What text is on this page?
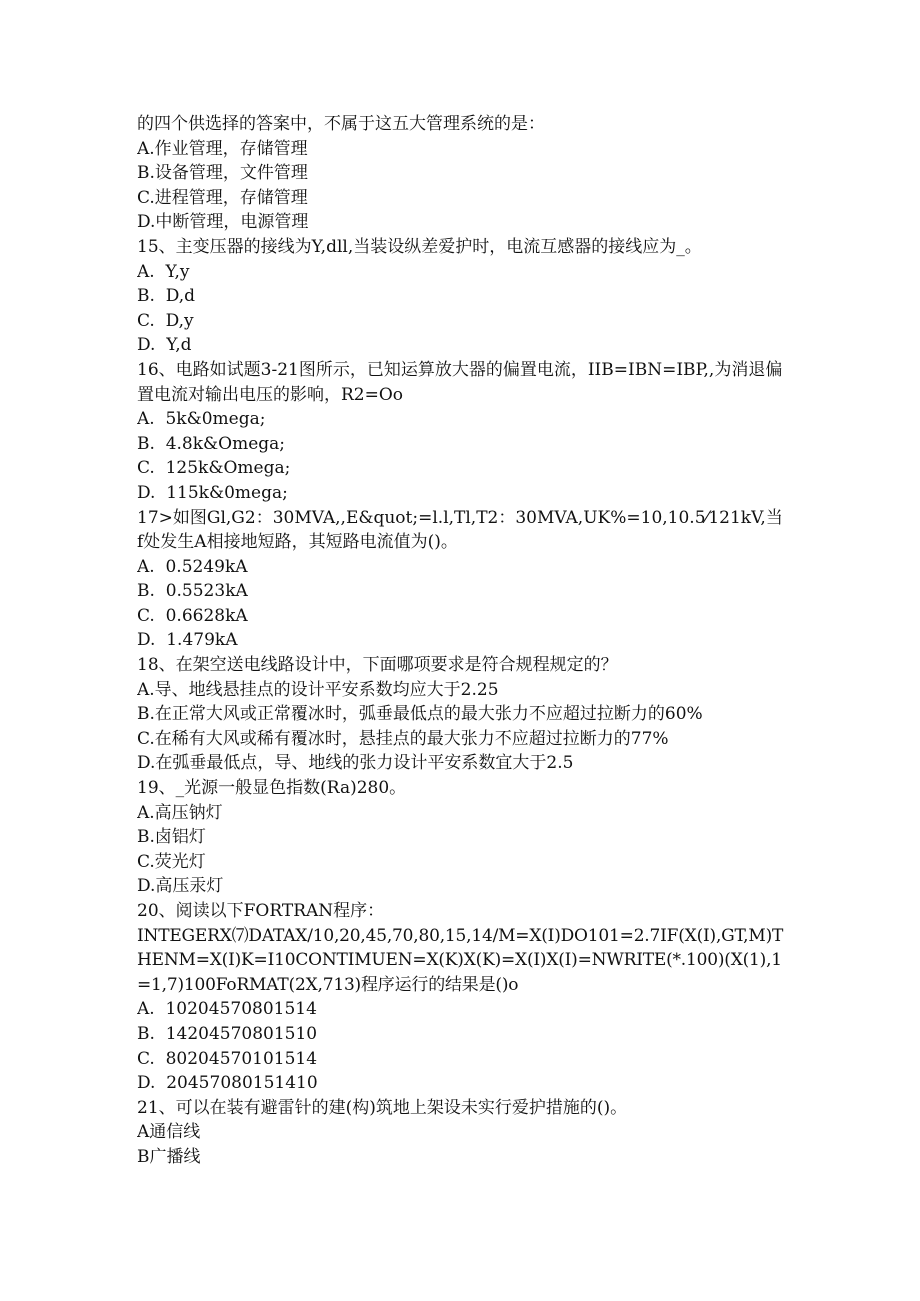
的四个供选择的答案中，不属于这五大管理系统的是：
A.作业管理，存储管理
B.设备管理，文件管理
C.进程管理，存储管理
D.中断管理，电源管理
15、主变压器的接线为Y,dll,当装设纵差爱护时，电流互感器的接线应为_。
A.  Y,y
B.  D,d
C.  D,y
D.  Y,d
16、电路如试题3-21图所示，已知运算放大器的偏置电流，IIB=IBN=IBP,,为消退偏置电流对输出电压的影响，R2=Oo
A.  5k&0mega;
B.  4.8k&Omega;
C.  125k&Omega;
D.  115k&0mega;
17>如图Gl,G2：30MVA,,E&quot;=l.l,Tl,T2：30MVA,UK%=10,10.5⁄121kV,当f处发生A相接地短路，其短路电流值为()。
A.  0.5249kA
B.  0.5523kA
C.  0.6628kA
D.  1.479kA
18、在架空送电线路设计中，下面哪项要求是符合规程规定的？
A.导、地线悬挂点的设计平安系数均应大于2.25
B.在正常大风或正常覆冰时，弧垂最低点的最大张力不应超过拉断力的60%
C.在稀有大风或稀有覆冰时，悬挂点的最大张力不应超过拉断力的77%
D.在弧垂最低点，导、地线的张力设计平安系数宜大于2.5
19、_光源一般显色指数(Ra)280。
A.高压钠灯
B.卤铝灯
C.荧光灯
D.高压汞灯
20、阅读以下FORTRAN程序：
INTEGERX⑺DATAX/10,20,45,70,80,15,14/M=X(I)DO101=2.7IF(X(I),GT,M)THENM=X(I)K=I10CONTIMUEN=X(K)X(K)=X(I)X(I)=NWRITE(*.100)(X(1),1=1,7)100FoRMAT(2X,713)程序运行的结果是()o
A.  10204570801514
B.  14204570801510
C.  80204570101514
D.  20457080151410
21、可以在装有避雷针的建(构)筑地上架设未实行爱护措施的()。
A通信线
B广播线
